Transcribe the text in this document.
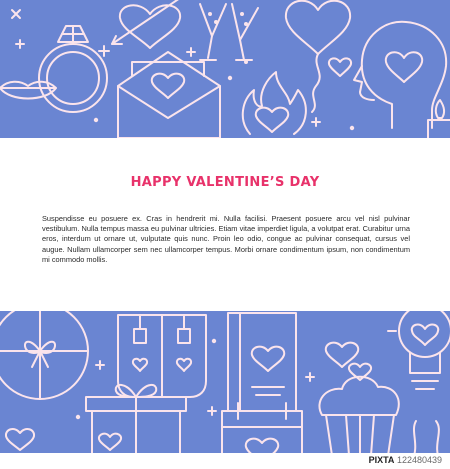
HAPPY VALENTINE’S DAY

Suspendisse eu posuere ex. Cras in hendrerit mi. Nulla facilisi. Praesent posuere arcu vel nisl pulvinar vestibulum. Nulla tempus massa eu pulvinar ultricies. Etiam vitae imperdiet ligula, a volutpat erat. Curabitur urna eros, interdum ut ornare ut, vulputate quis nunc. Proin leo odio, congue ac pulvinar consequat, cursus vel augue. Nullam ullamcorper sem nec ullamcorper tempus. Morbi ornare condimentum ipsum, non condimentum mi commodo mollis.

PIXTA 122480439
